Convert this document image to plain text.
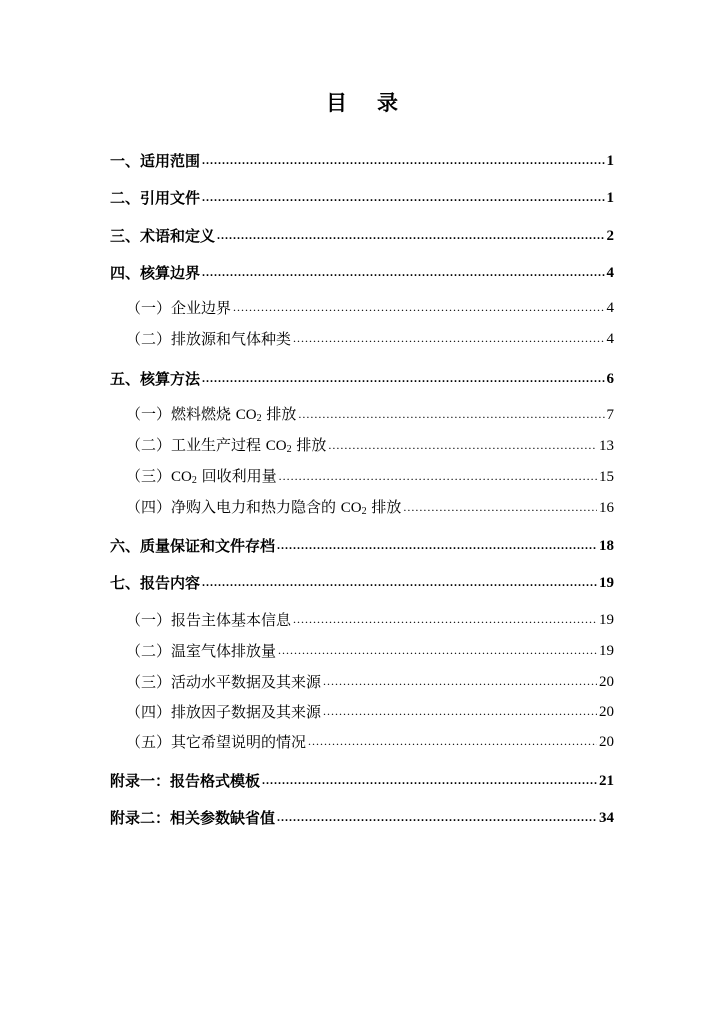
目 录
一、适用范围 .....	1
二、引用文件 .....	1
三、术语和定义 .....	2
四、核算边界 .....	4
（一）企业边界 .....	4
（二）排放源和气体种类 .....	4
五、核算方法 .....	6
（一）燃料燃烧 $CO_2$ 排放 .....	7
（二）工业生产过程 $CO_2$ 排放 .....	13
（三）$CO_2$ 回收利用量 .....	15
（四）净购入电力和热力隐含的 $CO_2$ 排放 .....	16
六、质量保证和文件存档 .....	18
七、报告内容 .....	19
（一）报告主体基本信息 .....	19
（二）温室气体排放量 .....	19
（三）活动水平数据及其来源 .....	20
（四）排放因子数据及其来源 .....	20
（五）其它希望说明的情况 .....	20
附录一：报告格式模板 .....	21
附录二：相关参数缺省值 .....	34
